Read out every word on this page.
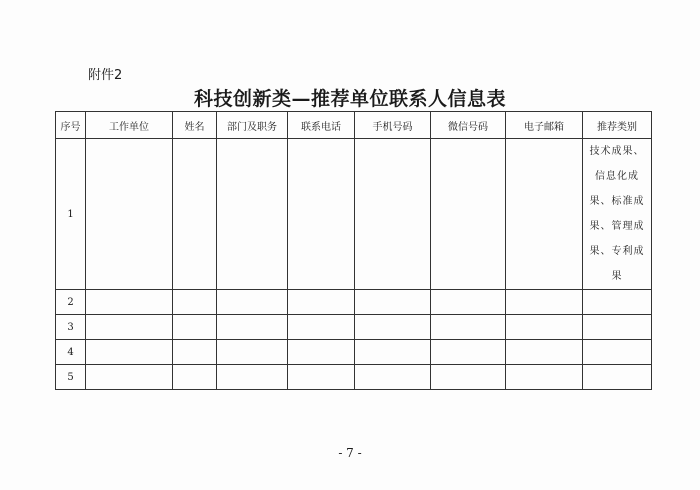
附件2
科技创新类—推荐单位联系人信息表
序号	工作单位	姓名	部门及职务	联系电话	手机号码	微信号码	电子邮箱	推荐类别
1								技术成果、信息化成果、标准成果、管理成果、专利成果
2								
3								
4								
5								
- 7 -
